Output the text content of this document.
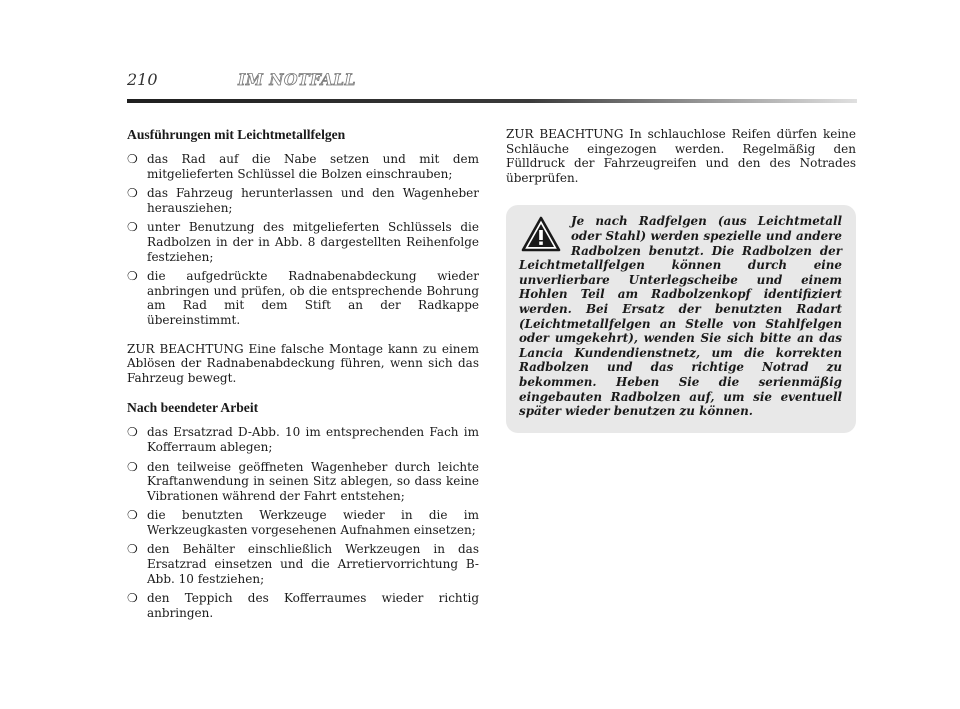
210	IM NOTFALL
Ausführungen mit Leichtmetallfelgen
❍ das Rad auf die Nabe setzen und mit dem mitgelieferten Schlüssel die Bolzen einschrauben;
❍ das Fahrzeug herunterlassen und den Wagenheber herausziehen;
❍ unter Benutzung des mitgelieferten Schlüssels die Radbolzen in der in Abb. 8 dargestellten Reihenfolge festziehen;
❍ die aufgedrückte Radnabenabdeckung wieder anbringen und prüfen, ob die entsprechende Bohrung am Rad mit dem Stift an der Radkappe übereinstimmt.

ZUR BEACHTUNG Eine falsche Montage kann zu einem Ablösen der Radnabenabdeckung führen, wenn sich das Fahrzeug bewegt.

Nach beendeter Arbeit
❍ das Ersatzrad D-Abb. 10 im entsprechenden Fach im Kofferraum ablegen;
❍ den teilweise geöffneten Wagenheber durch leichte Kraftanwendung in seinen Sitz ablegen, so dass keine Vibrationen während der Fahrt entstehen;
❍ die benutzten Werkzeuge wieder in die im Werkzeugkasten vorgesehenen Aufnahmen einsetzen;
❍ den Behälter einschließlich Werkzeugen in das Ersatzrad einsetzen und die Arretiervorrichtung B-Abb. 10 festziehen;
❍ den Teppich des Kofferraumes wieder richtig anbringen.

ZUR BEACHTUNG In schlauchlose Reifen dürfen keine Schläuche eingezogen werden. Regelmäßig den Fülldruck der Fahrzeugreifen und den des Notrades überprüfen.

Je nach Radfelgen (aus Leichtmetall oder Stahl) werden spezielle und andere Radbolzen benutzt. Die Radbolzen der Leichtmetallfelgen können durch eine unverlierbare Unterlegscheibe und einem Hohlen Teil am Radbolzenkopf identifiziert werden. Bei Ersatz der benutzten Radart (Leichtmetallfelgen an Stelle von Stahlfelgen oder umgekehrt), wenden Sie sich bitte an das Lancia Kundendienstnetz, um die korrekten Radbolzen und das richtige Notrad zu bekommen. Heben Sie die serienmäßig eingebauten Radbolzen auf, um sie eventuell später wieder benutzen zu können.
